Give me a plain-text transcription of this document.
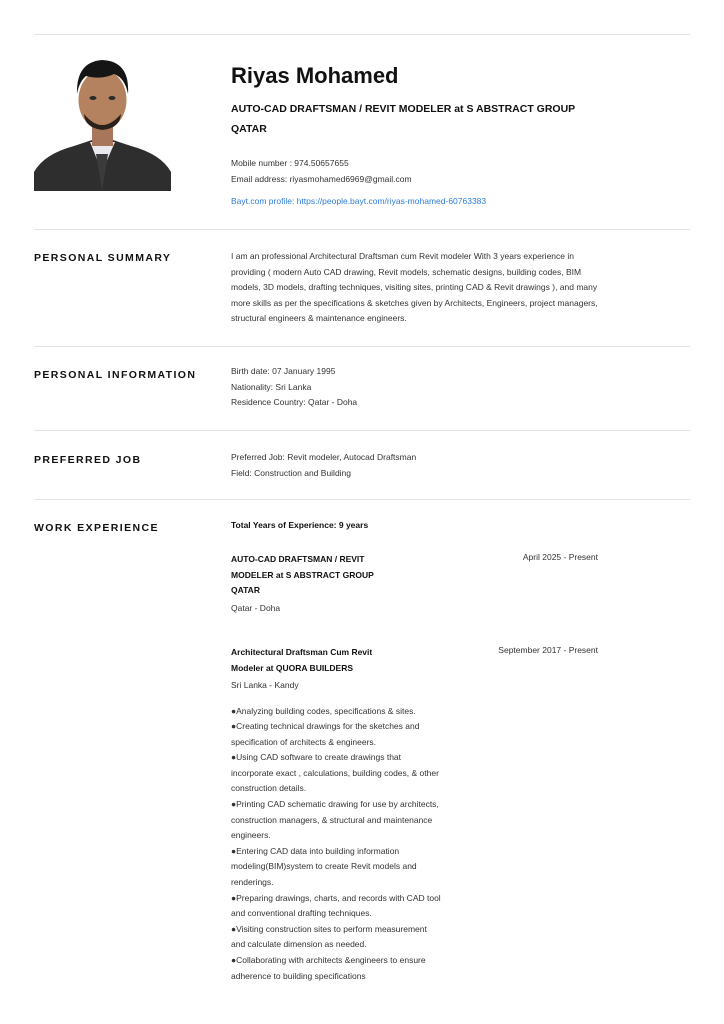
Riyas Mohamed
AUTO-CAD DRAFTSMAN / REVIT MODELER at S ABSTRACT GROUP QATAR
Mobile number : 974.50657655
Email address: riyasmohamed6969@gmail.com
Bayt.com profile: https://people.bayt.com/riyas-mohamed-60763383
PERSONAL SUMMARY	I am an professional Architectural Draftsman cum Revit modeler With 3 years experience in providing ( modern Auto CAD drawing, Revit models, schematic designs, building codes, BIM models, 3D models, drafting techniques, visiting sites, printing CAD & Revit drawings ), and many more skills as per the specifications & sketches given by Architects, Engineers, project managers, structural engineers & maintenance engineers.
PERSONAL INFORMATION	Birth date: 07 January 1995
Nationality: Sri Lanka
Residence Country: Qatar - Doha
PREFERRED JOB	Preferred Job: Revit modeler, Autocad Draftsman
Field: Construction and Building
WORK EXPERIENCE	Total Years of Experience: 9 years
AUTO-CAD DRAFTSMAN / REVIT MODELER at S ABSTRACT GROUP QATAR
April 2025 - Present
Qatar - Doha
Architectural Draftsman Cum Revit Modeler at QUORA BUILDERS
September 2017 - Present
Sri Lanka - Kandy
●Analyzing building codes, specifications & sites.
●Creating technical drawings for the sketches and specification of architects & engineers.
●Using CAD software to create drawings that incorporate exact , calculations, building codes, & other construction details.
●Printing CAD schematic drawing for use by architects, construction managers, & structural and maintenance engineers.
●Entering CAD data into building information modeling(BIM)system to create Revit models and renderings.
●Preparing drawings, charts, and records with CAD tool and conventional drafting techniques.
●Visiting construction sites to perform measurement and calculate dimension as needed.
●Collaborating with architects &engineers to ensure adherence to building specifications
